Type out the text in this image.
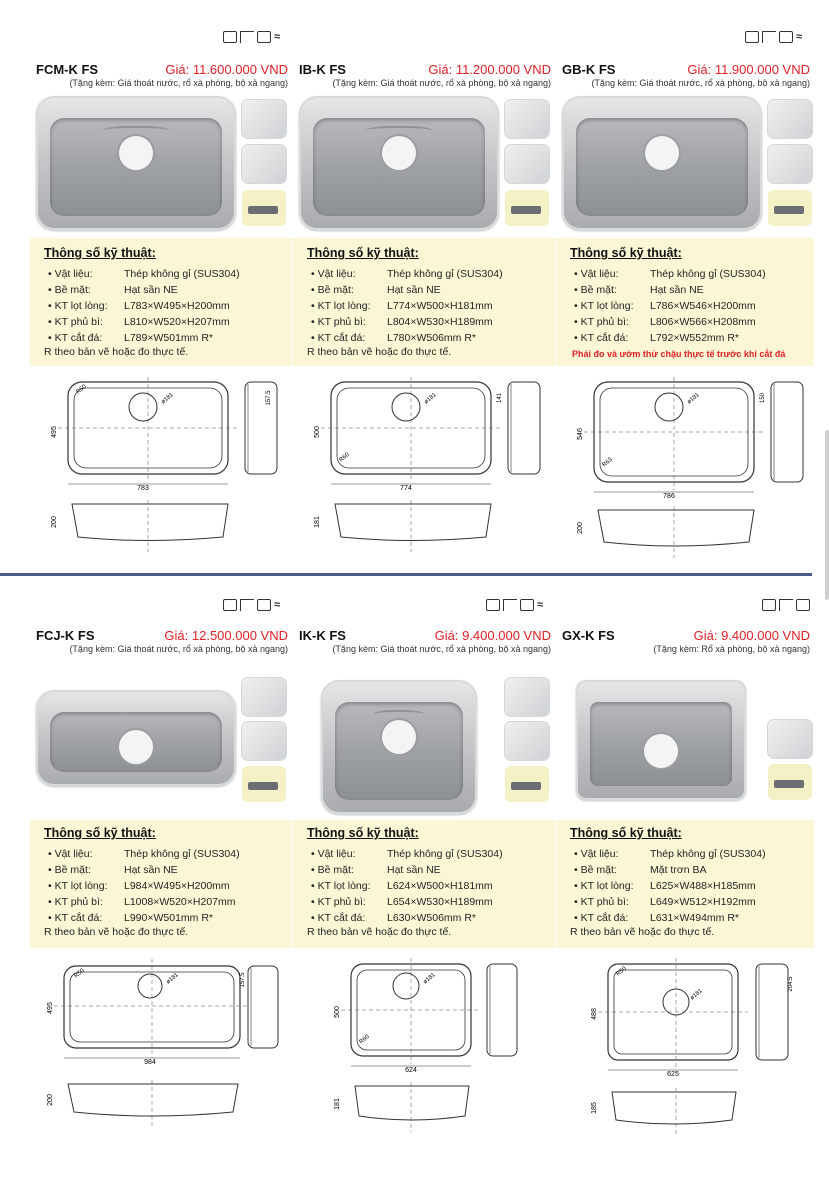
≈
FCM-K FS	Giá: 11.600.000 VND
(Tặng kèm: Giá thoát nước, rổ xà phòng, bộ xả ngang)
Thông số kỹ thuật:
• Vật liệu:	Thép không gỉ (SUS304)
• Bề mặt:	Hạt sần NE
• KT lọt lòng:	L783×W495×H200mm
• KT phủ bì:	L810×W520×H207mm
• KT cắt đá:	L789×W501mm R*
R theo bản vẽ hoặc đo thực tế.
783
495
ø181
R50
157.5
200
IB-K FS	Giá: 11.200.000 VND
(Tặng kèm: Giá thoát nước, rổ xà phòng, bộ xả ngang)
Thông số kỹ thuật:
• Vật liệu:	Thép không gỉ (SUS304)
• Bề mặt:	Hạt sần NE
• KT lọt lòng:	L774×W500×H181mm
• KT phủ bì:	L804×W530×H189mm
• KT cắt đá:	L780×W506mm R*
R theo bản vẽ hoặc đo thực tế.
774
500
ø181
R60
141
181
≈
GB-K FS	Giá: 11.900.000 VND
(Tặng kèm: Giá thoát nước, rổ xà phòng, bộ xả ngang)
Thông số kỹ thuật:
• Vật liệu:	Thép không gỉ (SUS304)
• Bề mặt:	Hạt sần NE
• KT lọt lòng:	L786×W546×H200mm
• KT phủ bì:	L806×W566×H208mm
• KT cắt đá:	L792×W552mm R*
Phải đo và ướm thử chậu thực tế trước khi cắt đá
786
546
ø181
R63
150
200
≈
FCJ-K FS	Giá: 12.500.000 VND
(Tặng kèm: Giá thoát nước, rổ xà phòng, bộ xả ngang)
Thông số kỹ thuật:
• Vật liệu:	Thép không gỉ (SUS304)
• Bề mặt:	Hạt sần NE
• KT lọt lòng:	L984×W495×H200mm
• KT phủ bì:	L1008×W520×H207mm
• KT cắt đá:	L990×W501mm R*
R theo bản vẽ hoặc đo thực tế.
984
495
ø181
R50	157.5
200
≈
IK-K FS	Giá: 9.400.000 VND
(Tặng kèm: Giá thoát nước, rổ xà phòng, bộ xả ngang)
Thông số kỹ thuật:
• Vật liệu:	Thép không gỉ (SUS304)
• Bề mặt:	Hạt sần NE
• KT lọt lòng:	L624×W500×H181mm
• KT phủ bì:	L654×W530×H189mm
• KT cắt đá:	L630×W506mm R*
R theo bản vẽ hoặc đo thực tế.
624
500
ø181
R60
181
GX-K FS	Giá: 9.400.000 VND
(Tặng kèm: Rổ xà phòng, bộ xả ngang)
Thông số kỹ thuật:
• Vật liệu:	Thép không gỉ (SUS304)
• Bề mặt:	Mặt trơn BA
• KT lọt lòng:	L625×W488×H185mm
• KT phủ bì:	L649×W512×H192mm
• KT cắt đá:	L631×W494mm R*
R theo bản vẽ hoặc đo thực tế.
625
488
ø181
R50
204.5
185
